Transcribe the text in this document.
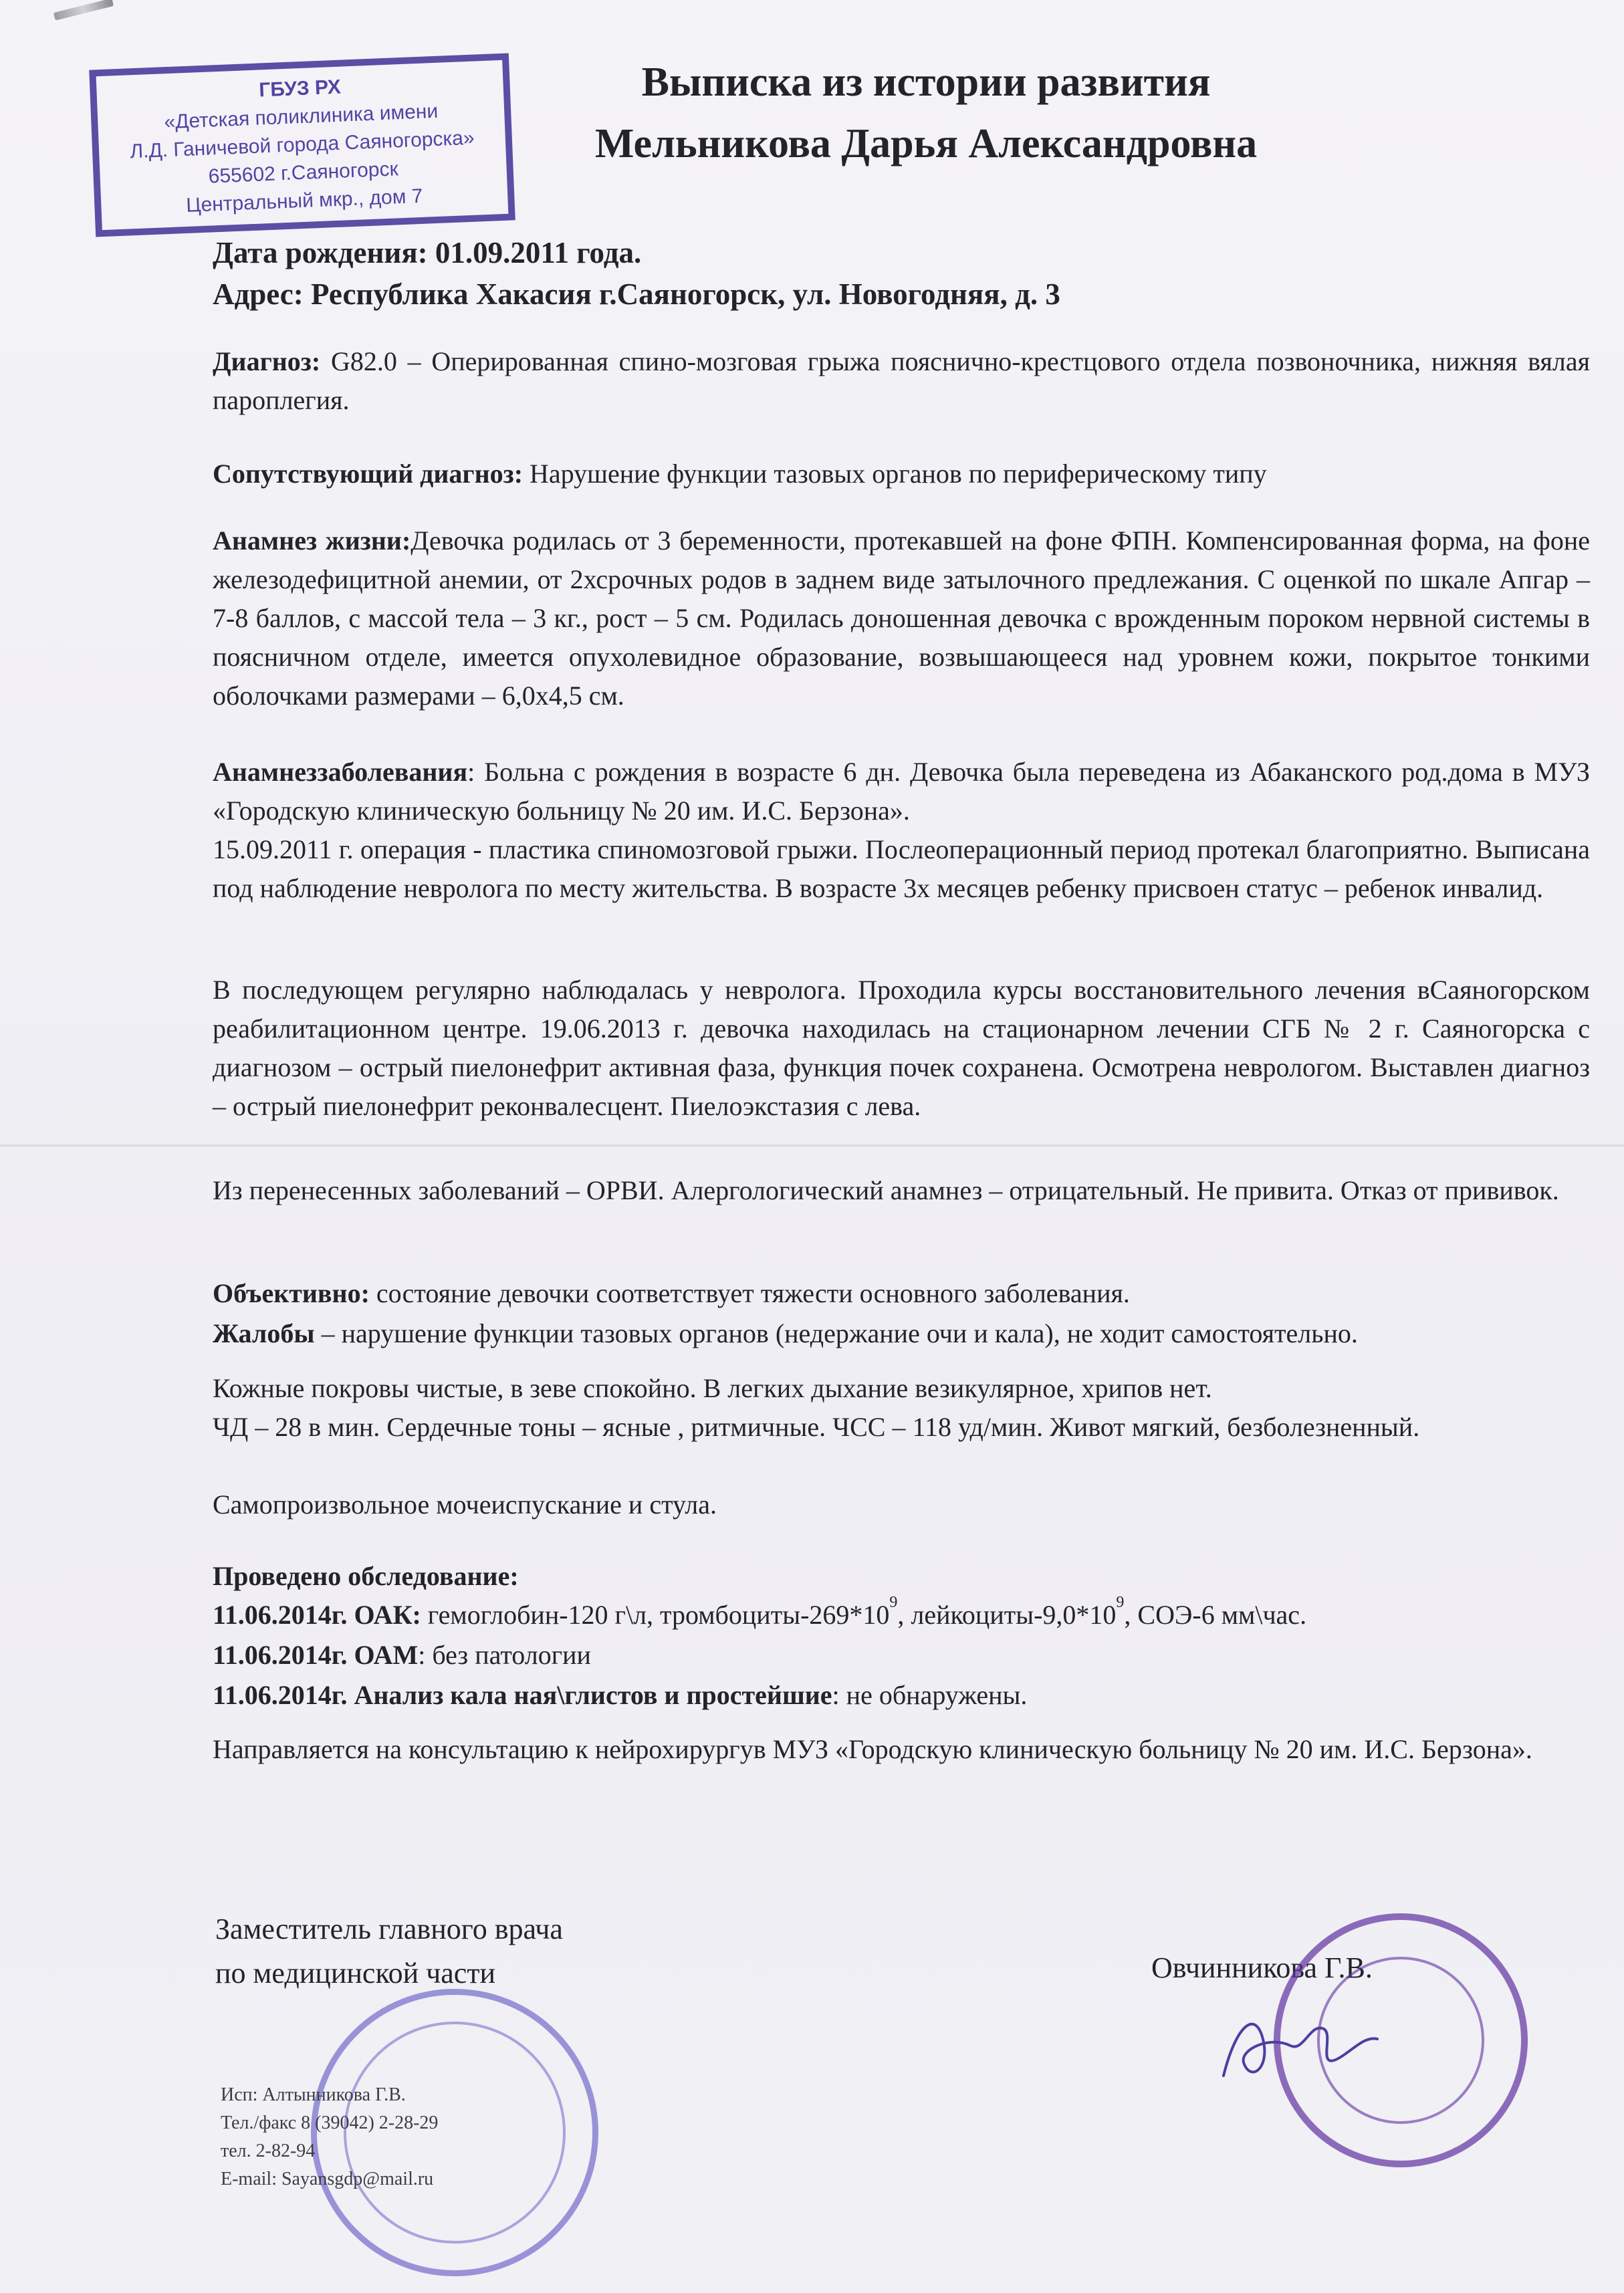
ГБУЗ РХ
«Детская поликлиника имени
Л.Д. Ганичевой города Саяногорска»
655602 г.Саяногорск
Центральный мкр., дом 7
Выписка из истории развития
Мельникова Дарья Александровна
Дата рождения: 01.09.2011 года.
Адрес: Республика Хакасия г.Саяногорск, ул. Новогодняя, д. 3
Диагноз: G82.0 – Оперированная спино-мозговая грыжа пояснично-крестцового отдела позвоночника, нижняя вялая пароплегия.
Сопутствующий диагноз: Нарушение функции тазовых органов по периферическому типу
Анамнез жизни:Девочка родилась от 3 беременности, протекавшей на фоне ФПН. Компенсированная форма, на фоне железодефицитной анемии, от 2хсрочных родов в заднем виде затылочного предлежания. С оценкой по шкале Апгар – 7-8 баллов, с массой тела – 3 кг., рост – 5 см. Родилась доношенная девочка с врожденным пороком нервной системы в поясничном отделе, имеется опухолевидное образование, возвышающееся над уровнем кожи, покрытое тонкими оболочками размерами – 6,0х4,5 см.
Анамнеззаболевания: Больна с рождения в возрасте 6 дн. Девочка была переведена из Абаканского род.дома в МУЗ «Городскую клиническую больницу № 20 им. И.С. Берзона».
15.09.2011 г. операция - пластика спиномозговой грыжи. Послеоперационный период протекал благоприятно. Выписана под наблюдение невролога по месту жительства. В возрасте 3х месяцев ребенку присвоен статус – ребенок инвалид.
В последующем регулярно наблюдалась у невролога. Проходила курсы восстановительного лечения вСаяногорском реабилитационном центре. 19.06.2013 г. девочка находилась на стационарном лечении СГБ № 2 г. Саяногорска с диагнозом – острый пиелонефрит активная фаза, функция почек сохранена. Осмотрена неврологом. Выставлен диагноз – острый пиелонефрит реконвалесцент. Пиелоэкстазия с лева.
Из перенесенных заболеваний – ОРВИ. Алергологический анамнез – отрицательный. Не привита. Отказ от прививок.
Объективно: состояние девочки соответствует тяжести основного заболевания.
Жалобы – нарушение функции тазовых органов (недержание очи и кала), не ходит самостоятельно.
Кожные покровы чистые, в зеве спокойно. В легких дыхание везикулярное, хрипов нет.
ЧД – 28 в мин. Сердечные тоны – ясные , ритмичные. ЧСС – 118 уд/мин. Живот мягкий, безболезненный.
Самопроизвольное мочеиспускание и стула.
Проведено обследование:
11.06.2014г. ОАК: гемоглобин-120 г\л, тромбоциты-$269*10^9$, лейкоциты-$9,0*10^9$, СОЭ-6 мм\час.
11.06.2014г. ОАМ: без патологии
11.06.2014г. Анализ кала ная\глистов и простейшие: не обнаружены.
Направляется на консультацию к нейрохирургув МУЗ «Городскую клиническую больницу № 20 им. И.С. Берзона».
Заместитель главного врача
по медицинской части	Овчинникова Г.В.
Исп: Алтынникова Г.В.
Тел./факс 8 (39042) 2-28-29
тел. 2-82-94
E-mail: Sayansgdp@mail.ru
